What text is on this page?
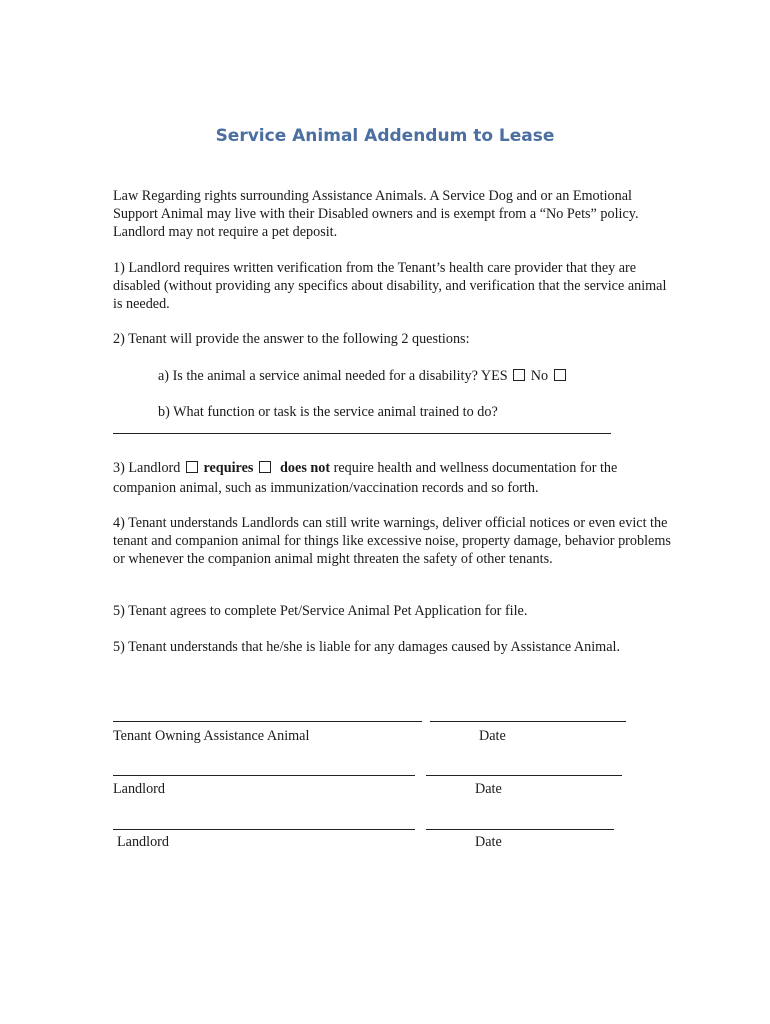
Service Animal Addendum to Lease

Law Regarding rights surrounding Assistance Animals. A Service Dog and or an Emotional Support Animal may live with their Disabled owners and is exempt from a “No Pets” policy. Landlord may not require a pet deposit.

1) Landlord requires written verification from the Tenant’s health care provider that they are disabled (without providing any specifics about disability, and verification that the service animal is needed.

2) Tenant will provide the answer to the following 2 questions:

a) Is the animal a service animal needed for a disability? YES No

b) What function or task is the service animal trained to do?

3) Landlord requires does not require health and wellness documentation for the companion animal, such as immunization/vaccination records and so forth.

4) Tenant understands Landlords can still write warnings, deliver official notices or even evict the tenant and companion animal for things like excessive noise, property damage, behavior problems or whenever the companion animal might threaten the safety of other tenants.

5) Tenant agrees to complete Pet/Service Animal Pet Application for file.

5) Tenant understands that he/she is liable for any damages caused by Assistance Animal.

Tenant Owning Assistance Animal	Date
Landlord	Date
Landlord	Date
